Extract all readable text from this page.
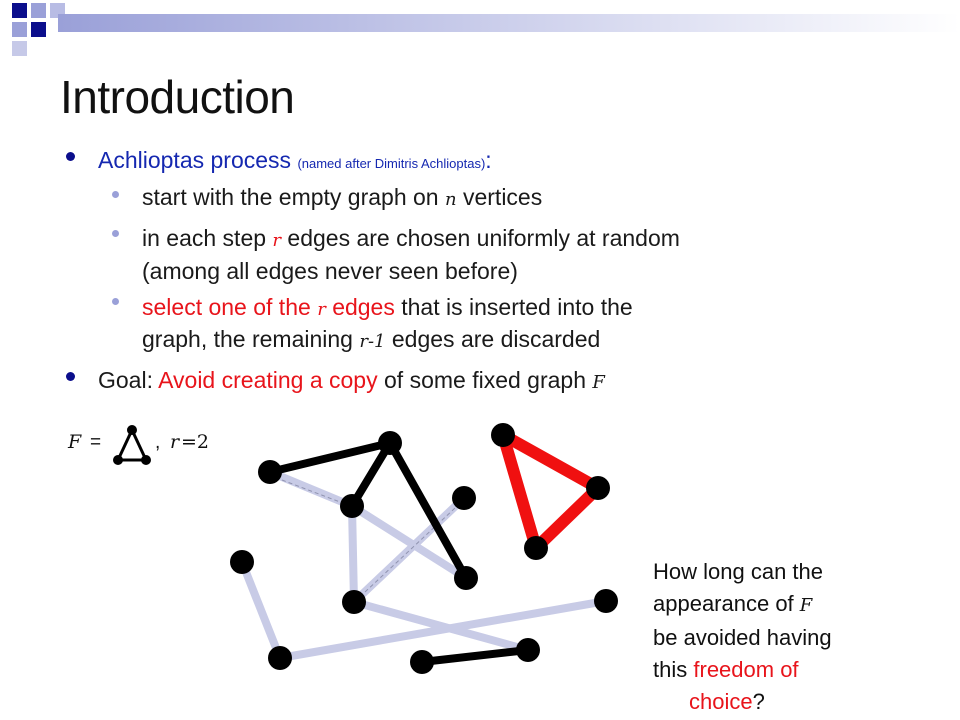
Introduction
Achlioptas process (named after Dimitris Achlioptas):
start with the empty graph on n vertices
in each step r edges are chosen uniformly at random
(among all edges never seen before)
select one of the r edges that is inserted into the
graph, the remaining r-1 edges are discarded
Goal: Avoid creating a copy of some fixed graph F
F =	, r =2
How long can the
appearance of F
be avoided having
this freedom of
choice?
